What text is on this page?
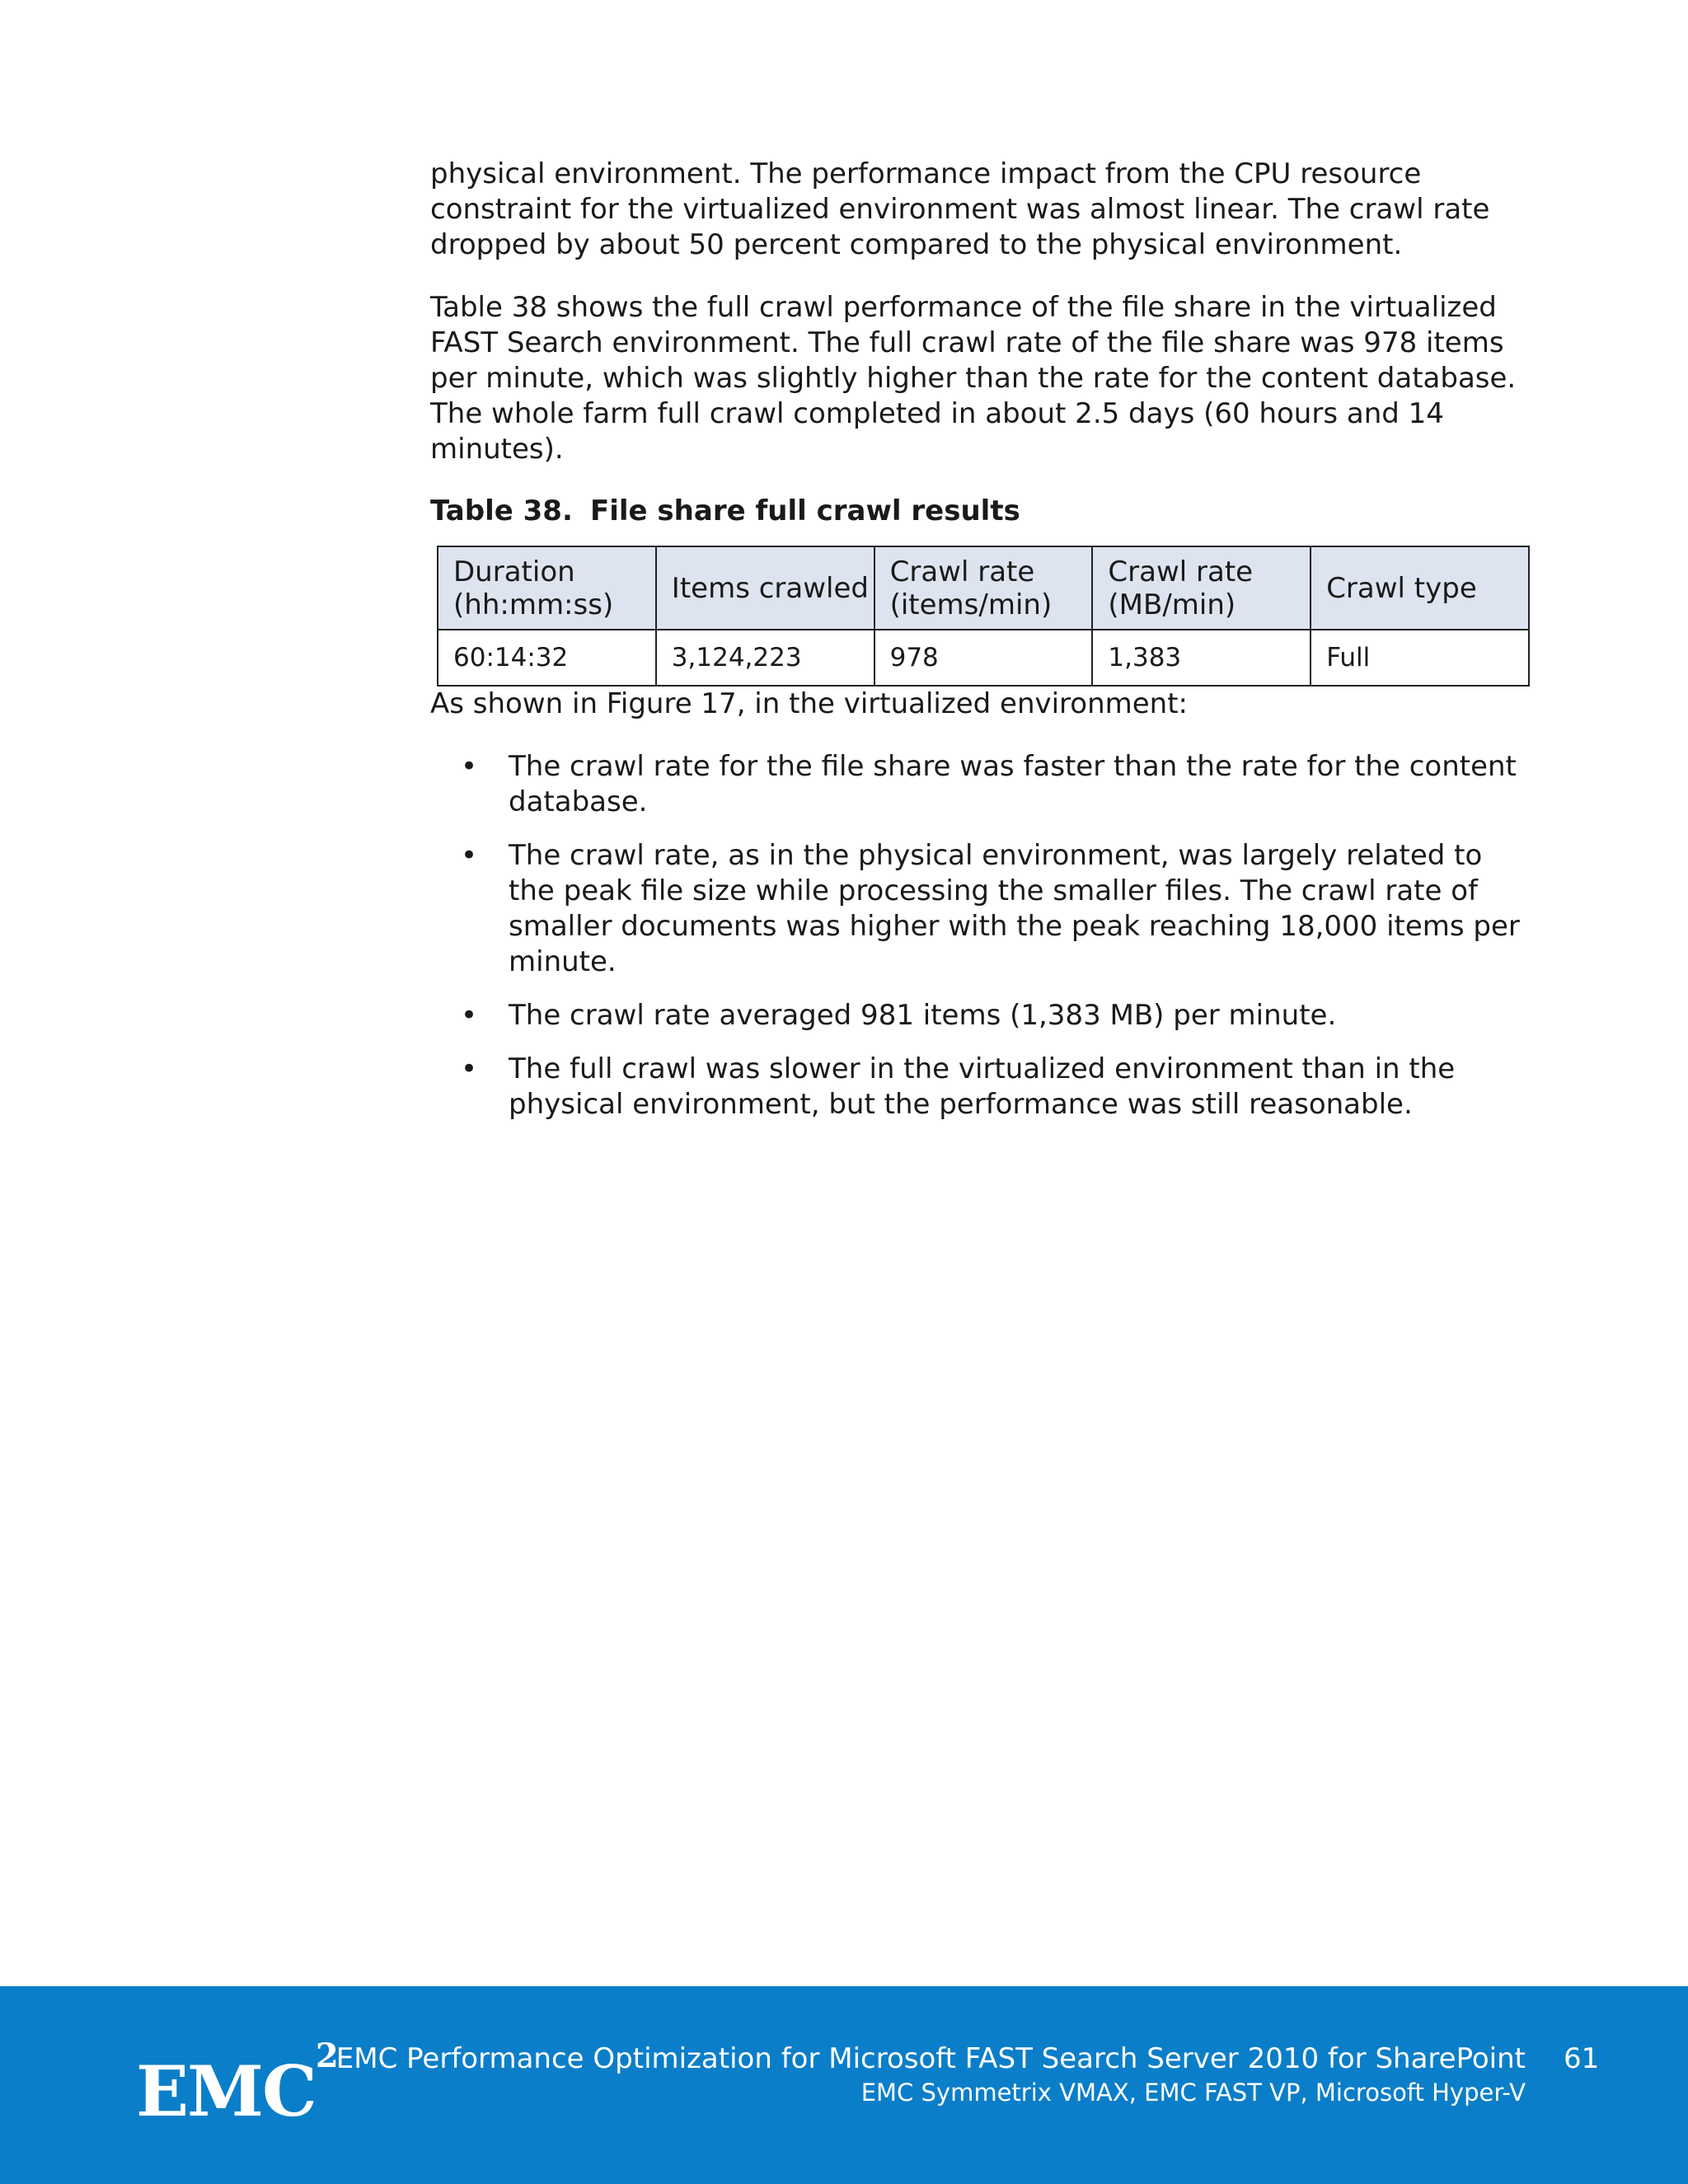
physical environment. The performance impact from the CPU resource constraint for the virtualized environment was almost linear. The crawl rate dropped by about 50 percent compared to the physical environment.

Table 38 shows the full crawl performance of the file share in the virtualized FAST Search environment. The full crawl rate of the file share was 978 items per minute, which was slightly higher than the rate for the content database. The whole farm full crawl completed in about 2.5 days (60 hours and 14 minutes).

Table 38. File share full crawl results
Duration (hh:mm:ss)	Items crawled	Crawl rate (items/min)	Crawl rate (MB/min)	Crawl type
60:14:32	3,124,223	978	1,383	Full

As shown in Figure 17, in the virtualized environment:

• The crawl rate for the file share was faster than the rate for the content database.
• The crawl rate, as in the physical environment, was largely related to the peak file size while processing the smaller files. The crawl rate of smaller documents was higher with the peak reaching 18,000 items per minute.
• The crawl rate averaged 981 items (1,383 MB) per minute.
• The full crawl was slower in the virtualized environment than in the physical environment, but the performance was still reasonable.
EMC$^2$ EMC Performance Optimization for Microsoft FAST Search Server 2010 for SharePoint
EMC Symmetrix VMAX, EMC FAST VP, Microsoft Hyper-V
61
